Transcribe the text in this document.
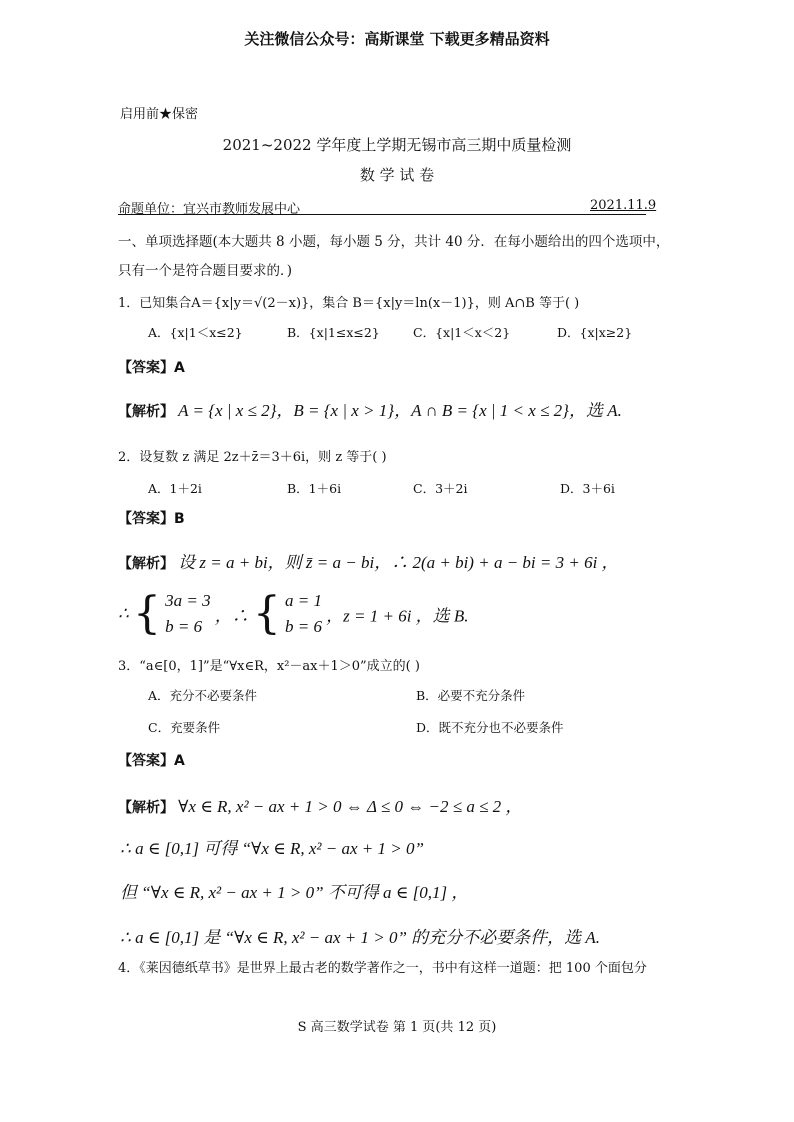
关注微信公众号：高斯课堂 下载更多精品资料
启用前★保密
2021~2022 学年度上学期无锡市高三期中质量检测
数 学 试 卷
命题单位：宜兴市教师发展中心	2021.11.9
一、单项选择题(本大题共 8 小题，每小题 5 分，共计 40 分．在每小题给出的四个选项中，
只有一个是符合题目要求的．)
1．已知集合A＝{x|y＝√(2－x)}，集合 B＝{x|y＝ln(x－1)}，则 A∩B 等于( )
A．{x|1＜x≤2}	B．{x|1≤x≤2}	C．{x|1＜x＜2}	D．{x|x≥2}
【答案】A
【解析】 A = {x | x ≤ 2}，B = {x | x > 1}，A ∩ B = {x | 1 < x ≤ 2}，选 A.
2．设复数 z 满足 2z＋z̄＝3＋6i，则 z 等于( )
A．1＋2i	B．1＋6i	C．3＋2i	D．3＋6i
【答案】B
【解析】 设 z = a + bi，则 z̄ = a − bi，∴ 2(a + bi) + a − bi = 3 + 6i ，
∴ { 3a = 3
b = 6 ，∴ { a = 1
b = 6 ，z = 1 + 6i ，选 B.
3．“a∈[0，1]”是“∀x∈R，x²－ax＋1＞0”成立的( )
A．充分不必要条件	B．必要不充分条件
C．充要条件	D．既不充分也不必要条件
【答案】A
【解析】 ∀x ∈ R, x² − ax + 1 > 0 ⇔ Δ ≤ 0 ⇔ −2 ≤ a ≤ 2 ，
∴ a ∈ [0,1] 可得 “∀x ∈ R, x² − ax + 1 > 0”
但 “∀x ∈ R, x² − ax + 1 > 0” 不可得 a ∈ [0,1] ，
∴ a ∈ [0,1] 是 “∀x ∈ R, x² − ax + 1 > 0” 的充分不必要条件，选 A.
4．《莱因德纸草书》是世界上最古老的数学著作之一，书中有这样一道题：把 100 个面包分
S 高三数学试卷 第 1 页(共 12 页)
